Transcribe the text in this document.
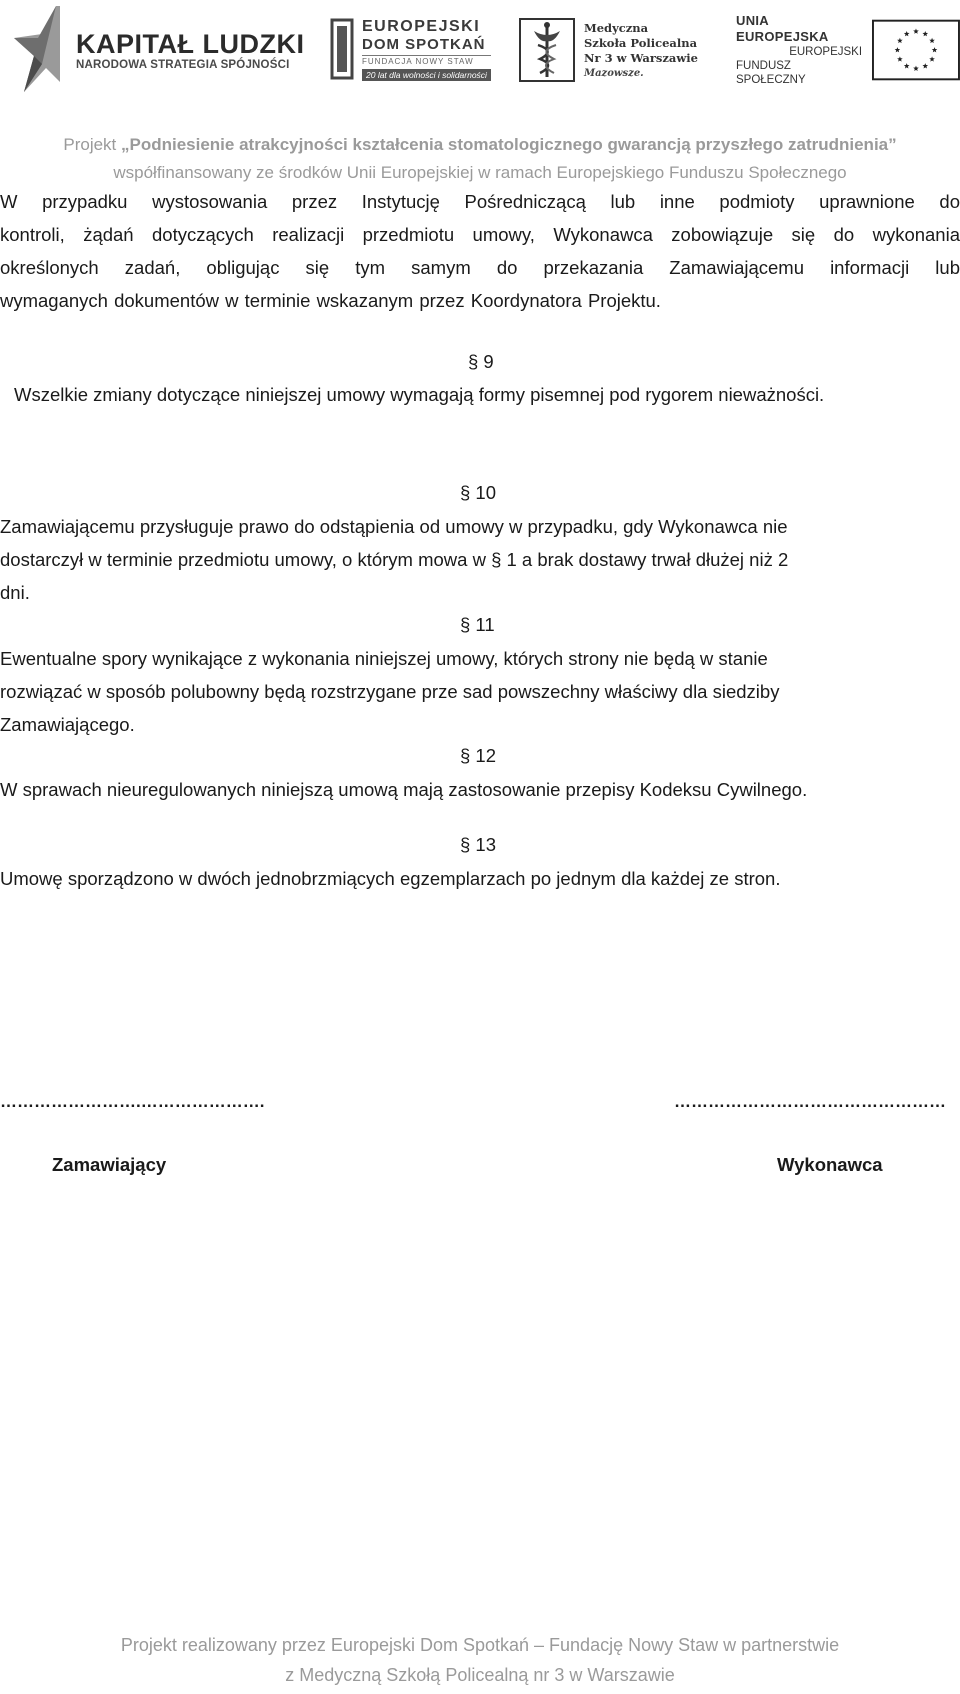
KAPITAŁ LUDZKI
NARODOWA STRATEGIA SPÓJNOŚCI
EUROPEJSKI
DOM SPOTKAŃ
FUNDACJA NOWY STAW
20 lat dla wolności i solidarności
Medyczna
Szkoła Policealna
Nr 3 w Warszawie
Mazowsze.
UNIA EUROPEJSKA
EUROPEJSKI
FUNDUSZ SPOŁECZNY
Projekt „Podniesienie atrakcyjności kształcenia stomatologicznego gwarancją przyszłego zatrudnienia”
współfinansowany ze środków Unii Europejskiej w ramach Europejskiego Funduszu Społecznego
W przypadku wystosowania przez Instytucję Pośredniczącą lub inne podmioty uprawnione do
kontroli, żądań dotyczących realizacji przedmiotu umowy, Wykonawca zobowiązuje się do wykonania
określonych zadań, obligując się tym samym do przekazania Zamawiającemu informacji lub
wymaganych dokumentów w terminie wskazanym przez Koordynatora Projektu.
§ 9
Wszelkie zmiany dotyczące niniejszej umowy wymagają formy pisemnej pod rygorem nieważności.
§ 10
Zamawiającemu przysługuje prawo do odstąpienia od umowy w przypadku, gdy Wykonawca nie
dostarczył w terminie przedmiotu umowy, o którym mowa w § 1 a brak dostawy trwał dłużej niż 2
dni.
§ 11
Ewentualne spory wynikające z wykonania niniejszej umowy, których strony nie będą w stanie
rozwiązać w sposób polubowny będą rozstrzygane prze sad powszechny właściwy dla siedziby
Zamawiającego.
§ 12
W sprawach nieuregulowanych niniejszą umową mają zastosowanie przepisy Kodeksu Cywilnego.
§ 13
Umowę sporządzono w dwóch jednobrzmiących egzemplarzach po jednym dla każdej ze stron.
…………………….………………….	…………………………………………
Zamawiający	Wykonawca
Projekt realizowany przez Europejski Dom Spotkań – Fundację Nowy Staw w partnerstwie
z Medyczną Szkołą Policealną nr 3 w Warszawie
